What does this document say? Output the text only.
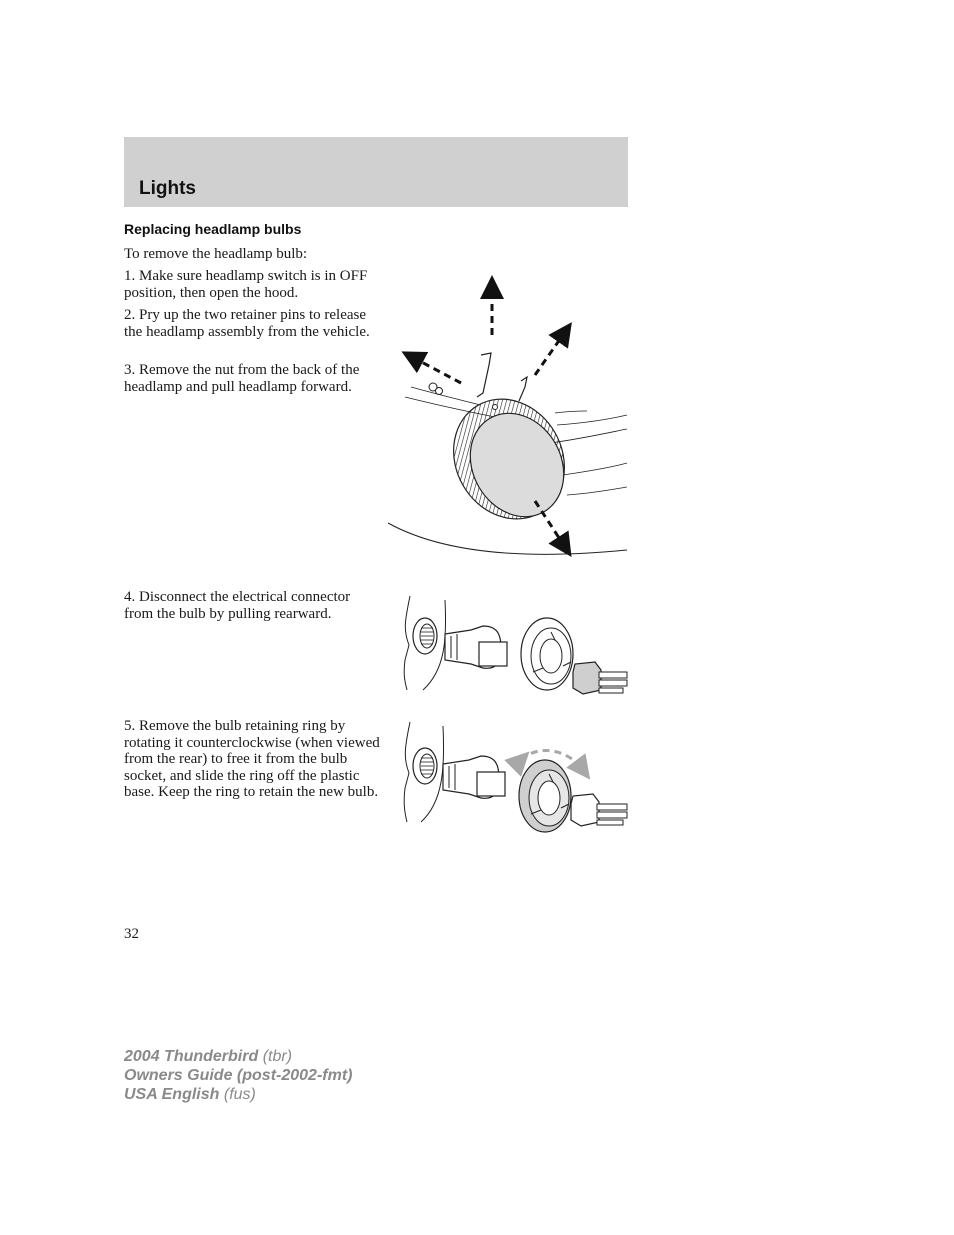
Lights
Replacing headlamp bulbs

To remove the headlamp bulb:

1. Make sure headlamp switch is in OFF position, then open the hood.

2. Pry up the two retainer pins to release the headlamp assembly from the vehicle.

3. Remove the nut from the back of the headlamp and pull headlamp forward.

4. Disconnect the electrical connector from the bulb by pulling rearward.

5. Remove the bulb retaining ring by rotating it counterclockwise (when viewed from the rear) to free it from the bulb socket, and slide the ring off the plastic base. Keep the ring to retain the new bulb.

32
2004 Thunderbird (tbr)
Owners Guide (post-2002-fmt)
USA English (fus)
